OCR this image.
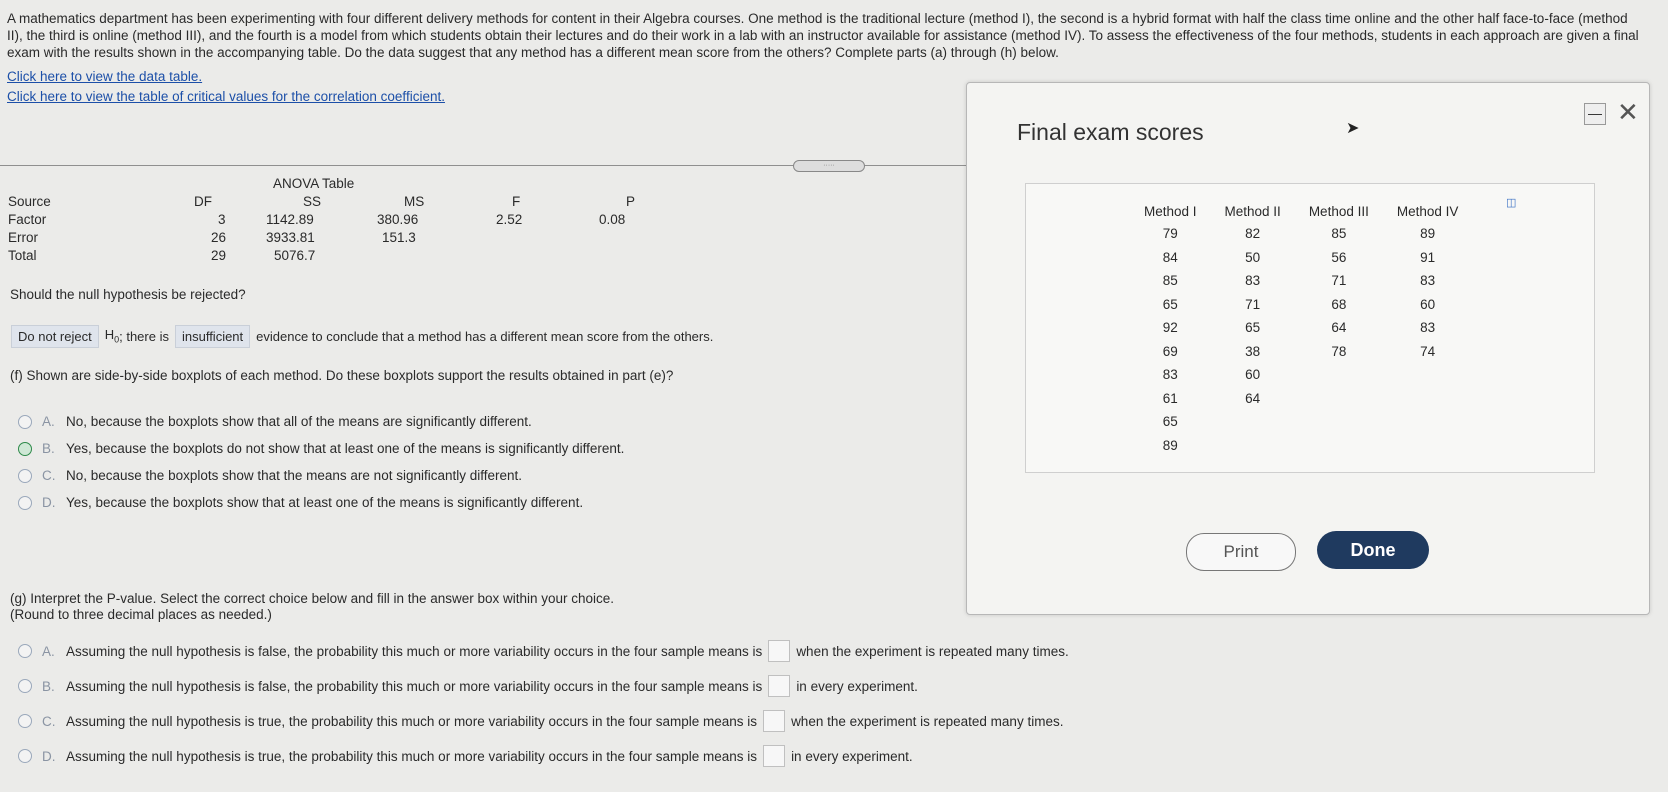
A mathematics department has been experimenting with four different delivery methods for content in their Algebra courses. One method is the traditional lecture (method I), the second is a hybrid format with half the class time online and the other half face-to-face (method II), the third is online (method III), and the fourth is a model from which students obtain their lectures and do their work in a lab with an instructor available for assistance (method IV). To assess the effectiveness of the four methods, students in each approach are given a final exam with the results shown in the accompanying table. Do the data suggest that any method has a different mean score from the others? Complete parts (a) through (h) below.
Click here to view the data table.
Click here to view the table of critical values for the correlation coefficient.
·····
ANOVA Table
Source	DF	SS	MS	F	P
Factor	3	1142.89	380.96	2.52	0.08
Error	26	3933.81	151.3
Total	29	5076.7
Should the null hypothesis be rejected?
Do not reject	$H_0$ ; there is	insufficient	evidence to conclude that a method has a different mean score from the others.
(f) Shown are side-by-side boxplots of each method. Do these boxplots support the results obtained in part (e)?
A. No, because the boxplots show that all of the means are significantly different.
B. Yes, because the boxplots do not show that at least one of the means is significantly different.
C. No, because the boxplots show that the means are not significantly different.
D. Yes, because the boxplots show that at least one of the means is significantly different.
(g) Interpret the P-value. Select the correct choice below and fill in the answer box within your choice.
(Round to three decimal places as needed.)
A. Assuming the null hypothesis is false, the probability this much or more variability occurs in the four sample means is	when the experiment is repeated many times.
B. Assuming the null hypothesis is false, the probability this much or more variability occurs in the four sample means is	in every experiment.
C. Assuming the null hypothesis is true, the probability this much or more variability occurs in the four sample means is	when the experiment is repeated many times.
D. Assuming the null hypothesis is true, the probability this much or more variability occurs in the four sample means is	in every experiment.
Final exam scores
— ✕
◫
Method I	Method II	Method III	Method IV
79	82	85	89
84	50	56	91
85	83	71	83
65	71	68	60
92	65	64	83
69	38	78	74
83	60		
61	64		
65			
89			
Print	Done
➤
